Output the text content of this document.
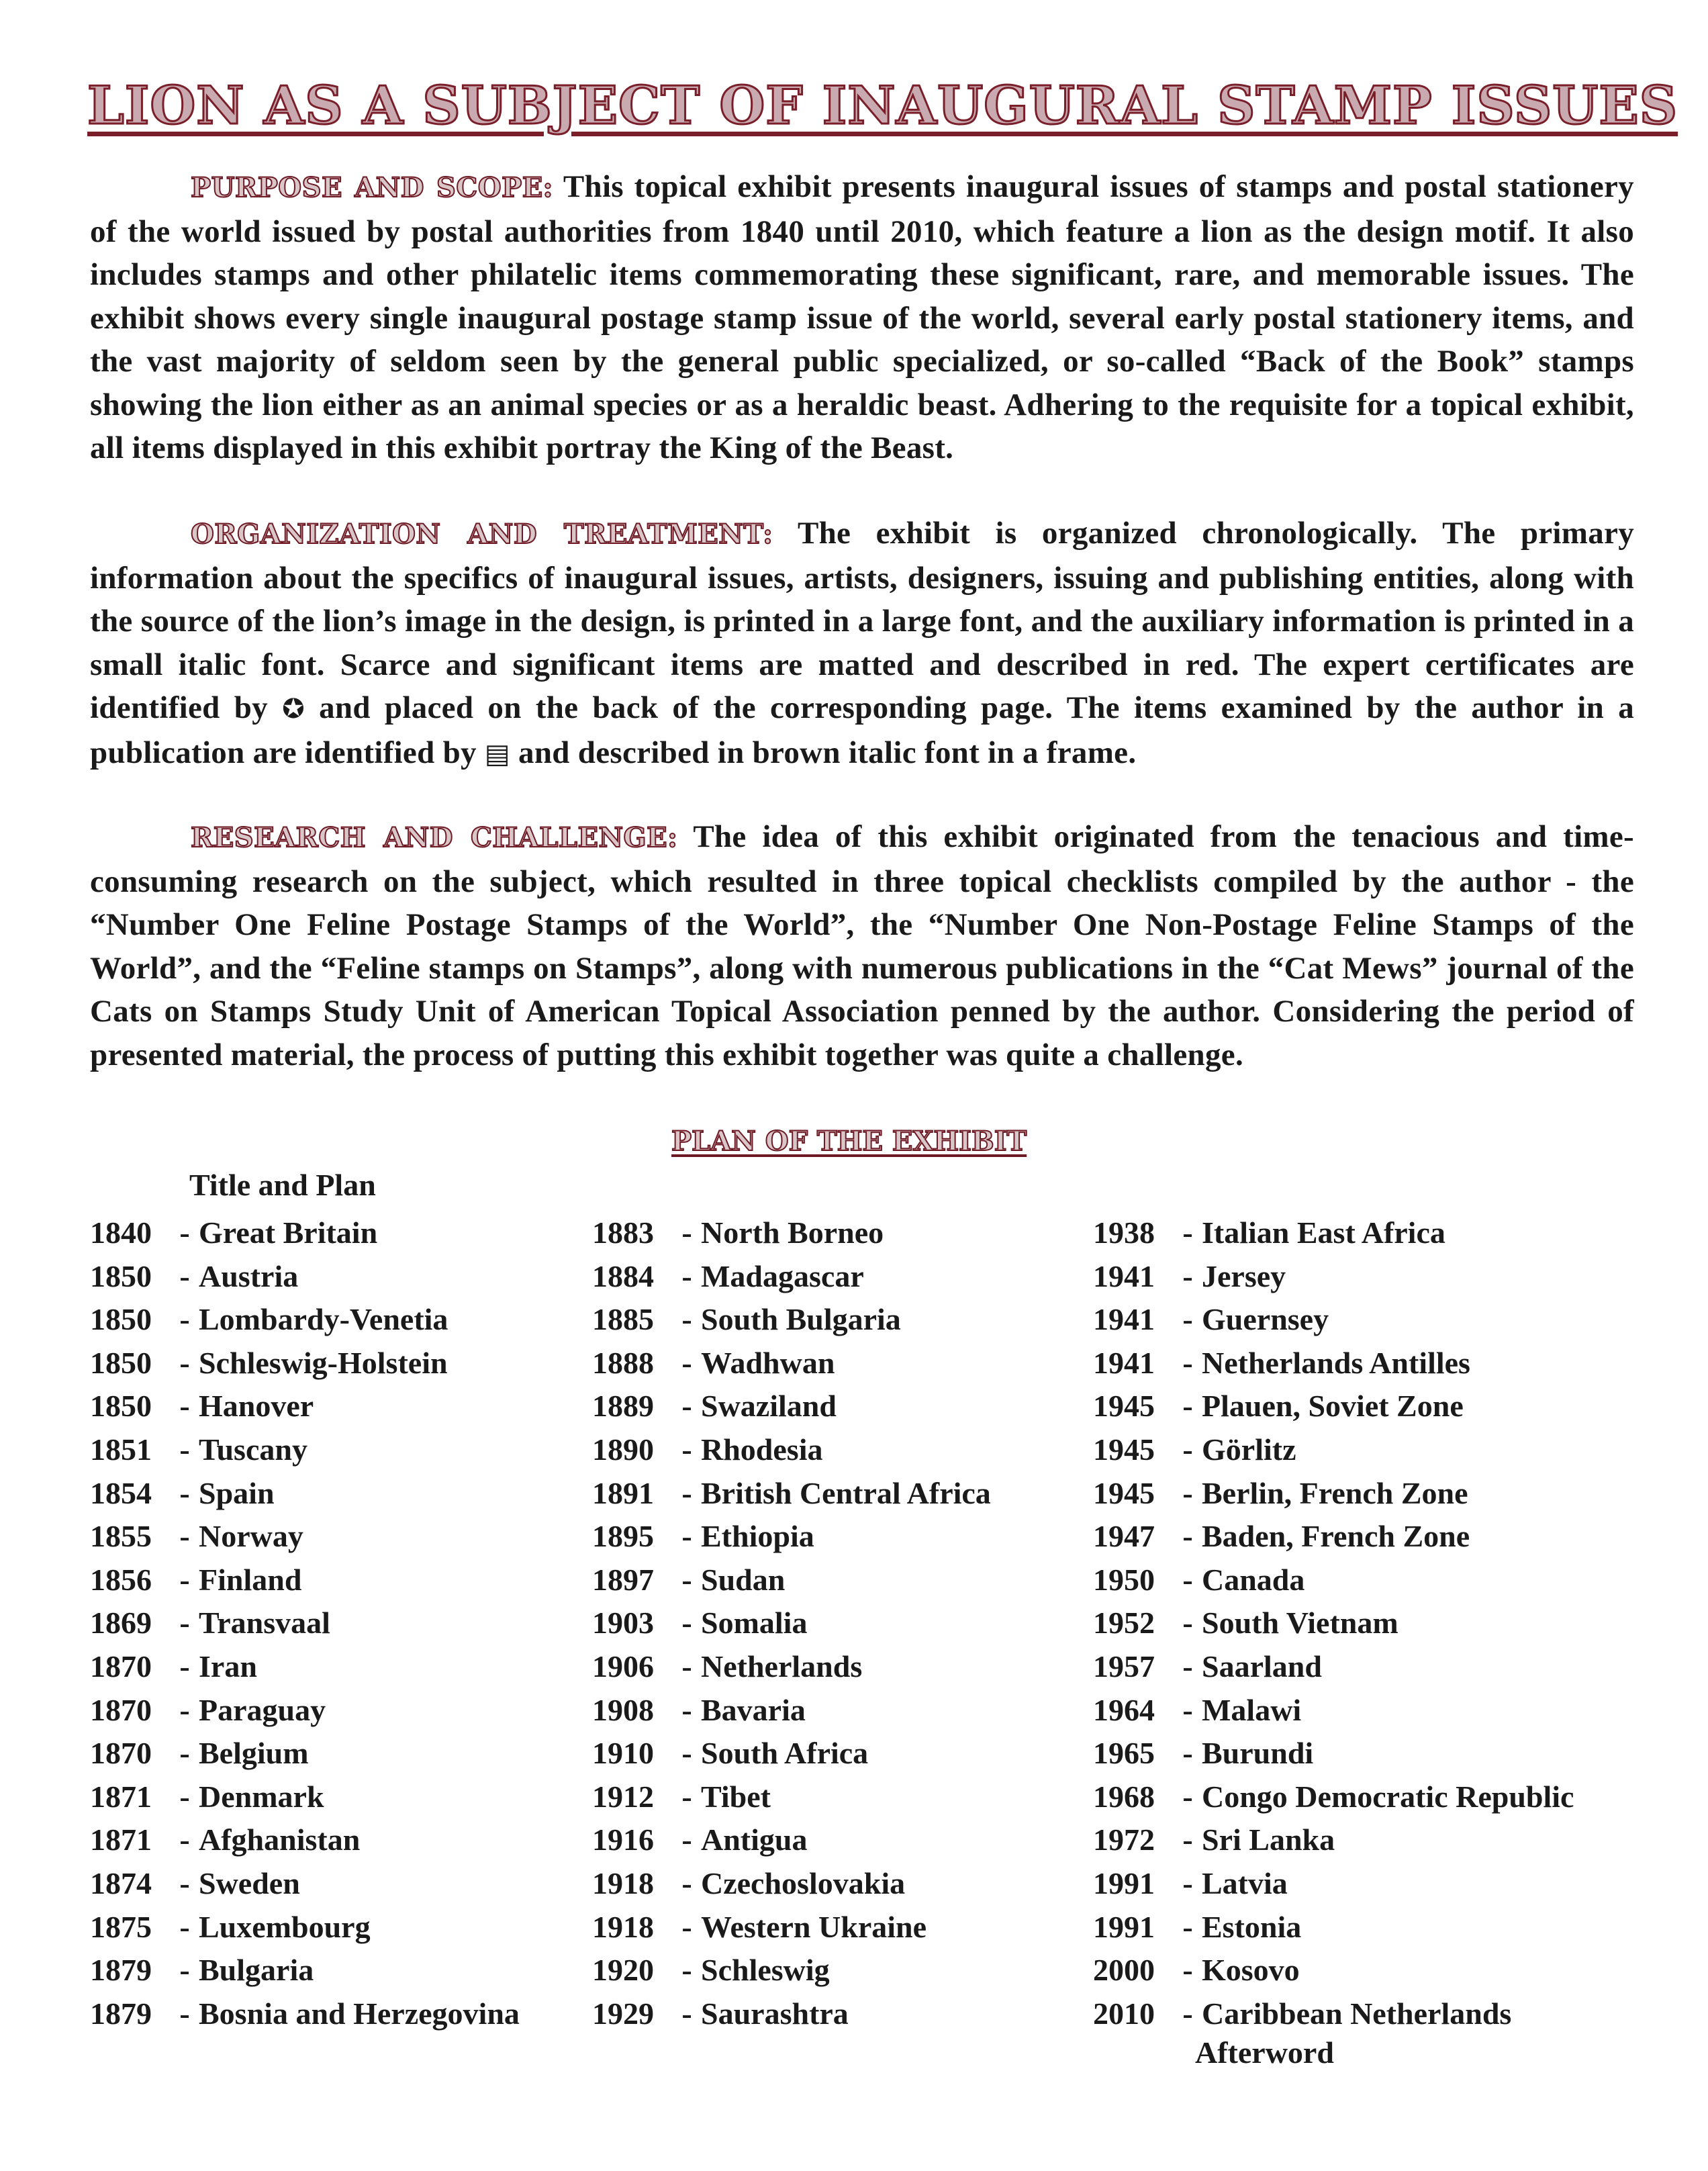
LION AS A SUBJECT OF INAUGURAL STAMP ISSUES
PURPOSE AND SCOPE: This topical exhibit presents inaugural issues of stamps and postal stationery of the world issued by postal authorities from 1840 until 2010, which feature a lion as the design motif. It also includes stamps and other philatelic items commemorating these significant, rare, and memorable issues. The exhibit shows every single inaugural postage stamp issue of the world, several early postal stationery items, and the vast majority of seldom seen by the general public specialized, or so-called “Back of the Book” stamps showing the lion either as an animal species or as a heraldic beast. Adhering to the requisite for a topical exhibit, all items displayed in this exhibit portray the King of the Beast.
ORGANIZATION AND TREATMENT: The exhibit is organized chronologically. The primary information about the specifics of inaugural issues, artists, designers, issuing and publishing entities, along with the source of the lion’s image in the design, is printed in a large font, and the auxiliary information is printed in a small italic font. Scarce and significant items are matted and described in red. The expert certificates are identified by ✪ and placed on the back of the corresponding page. The items examined by the author in a publication are identified by ▤ and described in brown italic font in a frame.
RESEARCH AND CHALLENGE: The idea of this exhibit originated from the tenacious and time-consuming research on the subject, which resulted in three topical checklists compiled by the author - the “Number One Feline Postage Stamps of the World”, the “Number One Non-Postage Feline Stamps of the World”, and the “Feline stamps on Stamps”, along with numerous publications in the “Cat Mews” journal of the Cats on Stamps Study Unit of American Topical Association penned by the author. Considering the period of presented material, the process of putting this exhibit together was quite a challenge.
PLAN OF THE EXHIBIT
Title and Plan
1840 - Great Britain
1850 - Austria
1850 - Lombardy-Venetia
1850 - Schleswig-Holstein
1850 - Hanover
1851 - Tuscany
1854 - Spain
1855 - Norway
1856 - Finland
1869 - Transvaal
1870 - Iran
1870 - Paraguay
1870 - Belgium
1871 - Denmark
1871 - Afghanistan
1874 - Sweden
1875 - Luxembourg
1879 - Bulgaria
1879 - Bosnia and Herzegovina
1883 - North Borneo
1884 - Madagascar
1885 - South Bulgaria
1888 - Wadhwan
1889 - Swaziland
1890 - Rhodesia
1891 - British Central Africa
1895 - Ethiopia
1897 - Sudan
1903 - Somalia
1906 - Netherlands
1908 - Bavaria
1910 - South Africa
1912 - Tibet
1916 - Antigua
1918 - Czechoslovakia
1918 - Western Ukraine
1920 - Schleswig
1929 - Saurashtra
1938 - Italian East Africa
1941 - Jersey
1941 - Guernsey
1941 - Netherlands Antilles
1945 - Plauen, Soviet Zone
1945 - Görlitz
1945 - Berlin, French Zone
1947 - Baden, French Zone
1950 - Canada
1952 - South Vietnam
1957 - Saarland
1964 - Malawi
1965 - Burundi
1968 - Congo Democratic Republic
1972 - Sri Lanka
1991 - Latvia
1991 - Estonia
2000 - Kosovo
2010 - Caribbean Netherlands
Afterword
